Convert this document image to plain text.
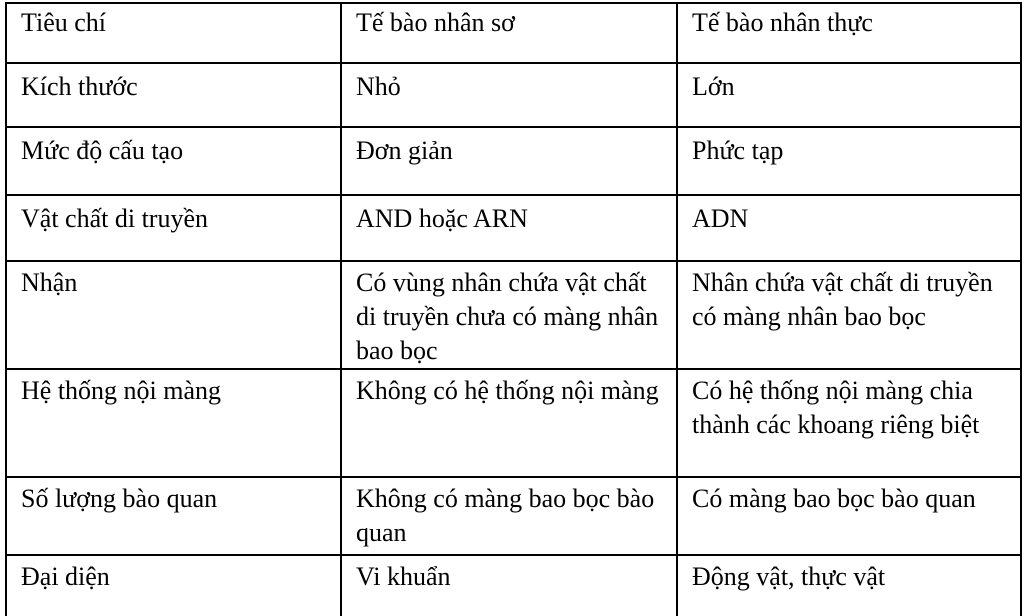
Tiêu chí	Tế bào nhân sơ	Tế bào nhân thực
Kích thước	Nhỏ	Lớn
Mức độ cấu tạo	Đơn giản	Phức tạp
Vật chất di truyền	AND hoặc ARN	ADN
Nhận	Có vùng nhân chứa vật chất di truyền chưa có màng nhân bao bọc	Nhân chứa vật chất di truyền có màng nhân bao bọc
Hệ thống nội màng	Không có hệ thống nội màng	Có hệ thống nội màng chia thành các khoang riêng biệt
Số lượng bào quan	Không có màng bao bọc bào quan	Có màng bao bọc bào quan
Đại diện	Vi khuẩn	Động vật, thực vật
